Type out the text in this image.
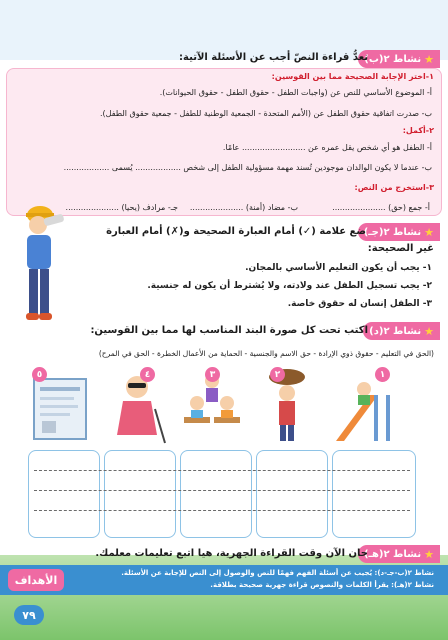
★
نشاط ٢(ب)
نعدُّ قراءة النصّ أجب عن الأسئلة الآتية:
١-اختر الإجابة الصحيحة مما بين القوسين:
أ- الموضوع الأساسي للنص عن (واجبات الطفل - حقوق الطفل - حقوق الحيوانات).
ب- صدرت اتفاقية حقوق الطفل عن (الأمم المتحدة - الجمعية الوطنية للطفل - جمعية حقوق الطفل).
٢-أكمل:
أ- الطفل هو أي شخص يقل عمره عن ......................... عامًا.
ب- عندما لا يكون الوالدان موجودين تُسند مهمة مسؤولية الطفل إلى شخص .................. يُسمى ..................
٣-استخرج من النص:
أ- جمع (حق) .....................
ب- مضاد (أمنة) .....................
جـ- مرادف (يحيا) .....................
★
نشاط ٢(جـ)
ضع علامة (✓) أمام العبارة الصحيحة و(✗) أمام العبارة
غير الصحيحة:
١- يجب أن يكون التعليم الأساسي بالمجان.
٢- يجب تسجيل الطفل عند ولادته، ولا يُشترط أن يكون له جنسية.
٣- الطفل إنسان له حقوق خاصة.
★
نشاط ٢(د)
اكتب تحت كل صورة البند المناسب لها مما بين القوسين:
(الحق في التعليم - حقوق ذوي الإرادة - حق الاسم والجنسية - الحماية من الأعمال الخطرة - الحق في المرح)
٥	٤	٣	٢	١
★
نشاط ٢(هـ)
حان الآن وقت القراءة الجهرية، هيا اتبع تعليمات معلمك.
الأهداف
نشاط ٢(ب-جـ-د): يُجيب عن أسئلة الفهم فهمًا للنص والوصول إلى النص للإجابة عن الأسئلة.
نشاط ٢(هـ): يقرأ الكلمات والنصوص قراءة جهرية صحيحة بطلاقة.
٧٩
